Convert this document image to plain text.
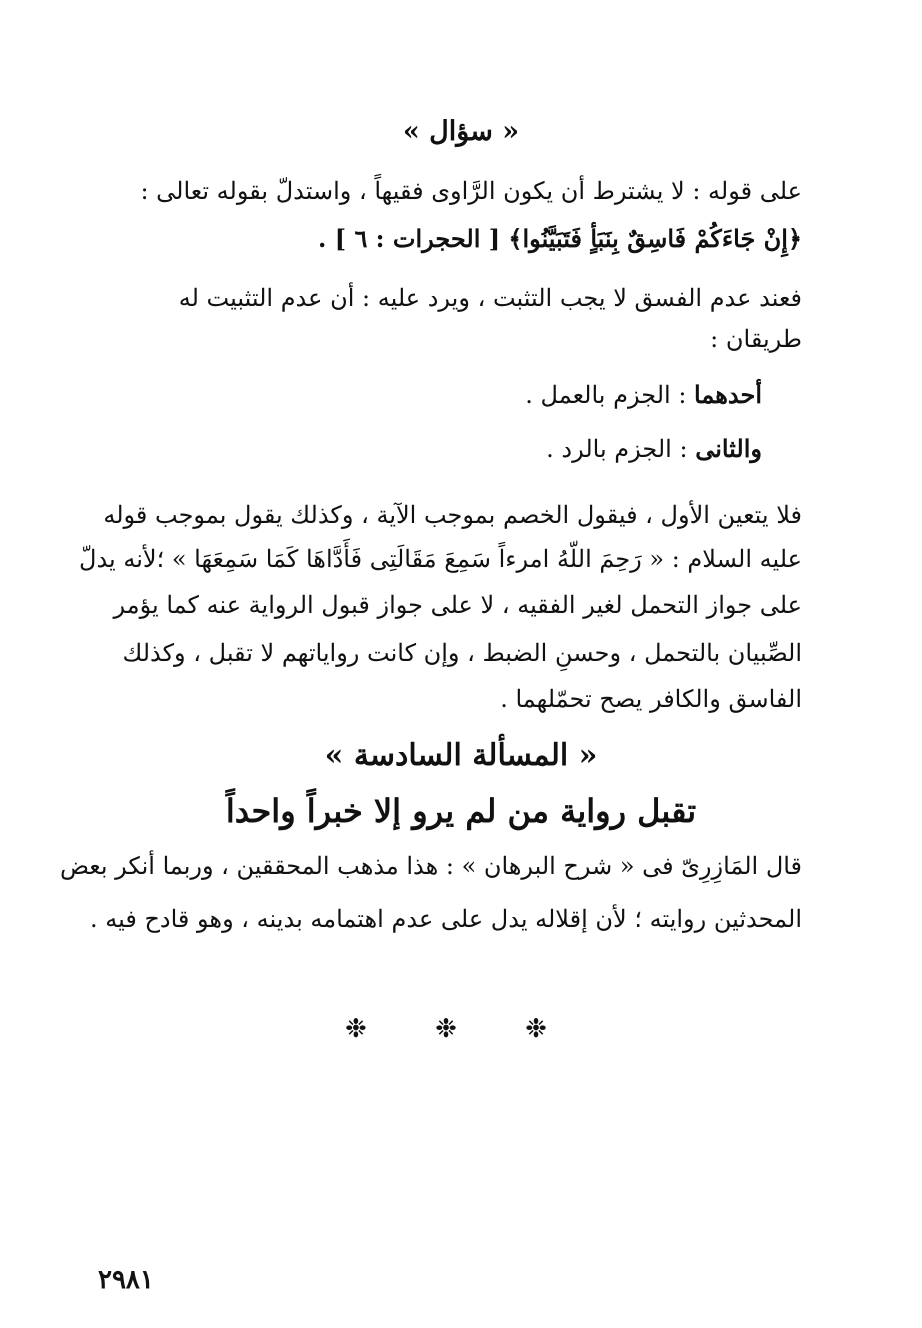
« سؤال »
على قوله : لا يشترط أن يكون الرَّاوى فقيهاً ، واستدلّ بقوله تعالى :
﴿إِنْ جَاءَكُمْ فَاسِقٌ بِنَبَأٍ فَتَبَيَّنُوا﴾ [ الحجرات : ٦ ] .
فعند عدم الفسق لا يجب التثبت ، ويرد عليه : أن عدم التثبيت له
طريقان :
أحدهما : الجزم بالعمل .
والثانى : الجزم بالرد .
فلا يتعين الأول ، فيقول الخصم بموجب الآية ، وكذلك يقول بموجب قوله
عليه السلام : « رَحِمَ اللّهُ امرءاً سَمِعَ مَقَالَتِى فَأَدَّاهَا كَمَا سَمِعَهَا » ؛لأنه يدلّ
على جواز التحمل لغير الفقيه ، لا على جواز قبول الرواية عنه كما يؤمر
الصِّبيان بالتحمل ، وحسنِ الضبط ، وإن كانت رواياتهم لا تقبل ، وكذلك
الفاسق والكافر يصح تحمّلهما .
« المسألة السادسة »
تقبل رواية من لم يرو إلا خبراً واحداً
قال المَازِرِىّ فى « شرح البرهان » : هذا مذهب المحققين ، وربما أنكر بعض
المحدثين روايته ؛ لأن إقلاله يدل على عدم اهتمامه بدينه ، وهو قادح فيه .
❉ ❉ ❉
٢٩٨١
